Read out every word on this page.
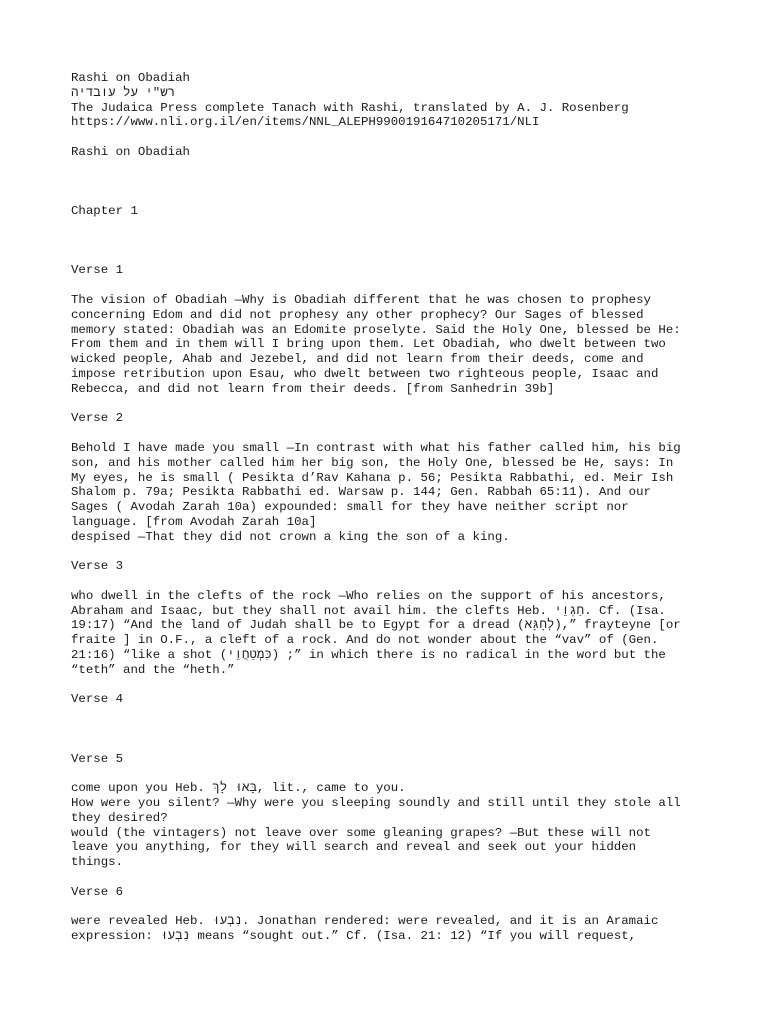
Rashi on Obadiah
רש"י על עובדיה
The Judaica Press complete Tanach with Rashi, translated by A. J. Rosenberg
https://www.nli.org.il/en/items/NNL_ALEPH990019164710205171/NLI
Rashi on Obadiah
Chapter 1
Verse 1
The vision of Obadiah —Why is Obadiah different that he was chosen to prophesy
concerning Edom and did not prophesy any other prophecy? Our Sages of blessed
memory stated: Obadiah was an Edomite proselyte. Said the Holy One, blessed be He:
From them and in them will I bring upon them. Let Obadiah, who dwelt between two
wicked people, Ahab and Jezebel, and did not learn from their deeds, come and
impose retribution upon Esau, who dwelt between two righteous people, Isaac and
Rebecca, and did not learn from their deeds. [from Sanhedrin 39b]
Verse 2
Behold I have made you small —In contrast with what his father called him, his big
son, and his mother called him her big son, the Holy One, blessed be He, says: In
My eyes, he is small ( Pesikta d’Rav Kahana p. 56; Pesikta Rabbathi, ed. Meir Ish
Shalom p. 79a; Pesikta Rabbathi ed. Warsaw p. 144; Gen. Rabbah 65:11). And our
Sages ( Avodah Zarah 10a) expounded: small for they have neither script nor
language. [from Avodah Zarah 10a]
despised —That they did not crown a king the son of a king.
Verse 3
who dwell in the clefts of the rock —Who relies on the support of his ancestors,
Abraham and Isaac, but they shall not avail him. the clefts Heb. חַגְוֵי. Cf. (Isa.
19:17) “And the land of Judah shall be to Egypt for a dread (לְחָגָּא),” frayteyne [or
fraite ] in O.F., a cleft of a rock. And do not wonder about the “vav” of (Gen.
21:16) “like a shot (כִּמְטַחֲוֵי) ;” in which there is no radical in the word but the
“teth” and the “heth.”
Verse 4
Verse 5
come upon you Heb. בָּאוּ לָךְ, lit., came to you.
How were you silent? —Why were you sleeping soundly and still until they stole all
they desired?
would (the vintagers) not leave over some gleaning grapes? —But these will not
leave you anything, for they will search and reveal and seek out your hidden
things.
Verse 6
were revealed Heb. נִבְעוּ. Jonathan rendered: were revealed, and it is an Aramaic
expression: נִבְעוּ means “sought out.” Cf. (Isa. 21: 12) “If you will request,
